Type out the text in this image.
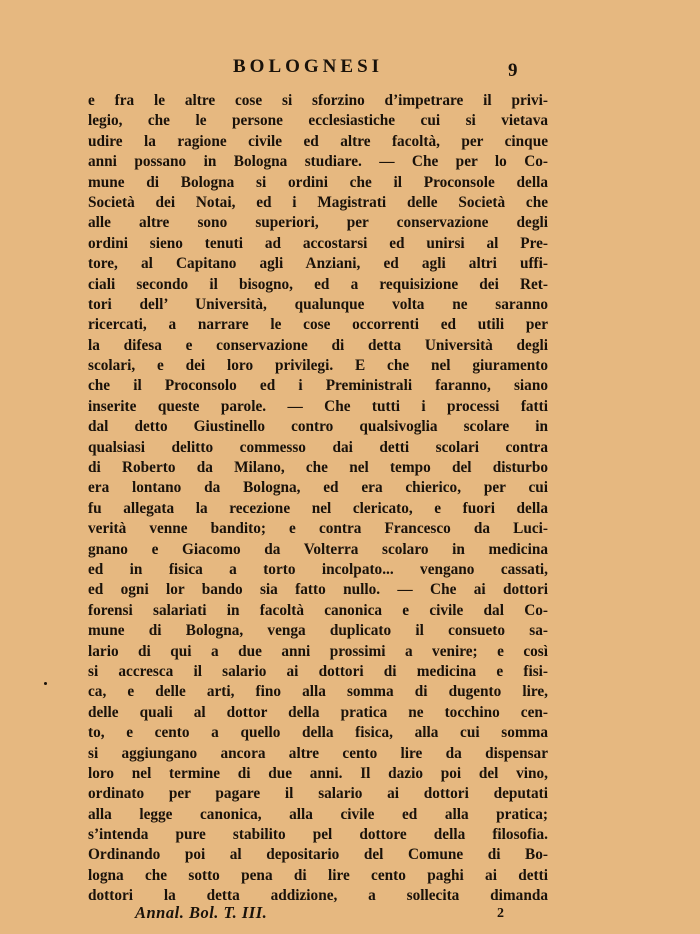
BOLOGNESI	9
e fra le altre cose si sforzino d’impetrare il privi-
legio, che le persone ecclesiastiche cui si vietava
udire la ragione civile ed altre facoltà, per cinque
anni possano in Bologna studiare. — Che per lo Co-
mune di Bologna si ordini che il Proconsole della
Società dei Notai, ed i Magistrati delle Società che
alle altre sono superiori, per conservazione degli
ordini sieno tenuti ad accostarsi ed unirsi al Pre-
tore, al Capitano agli Anziani, ed agli altri uffi-
ciali secondo il bisogno, ed a requisizione dei Ret-
tori dell’ Università, qualunque volta ne saranno
ricercati, a narrare le cose occorrenti ed utili per
la difesa e conservazione di detta Università degli
scolari, e dei loro privilegi. E che nel giuramento
che il Proconsolo ed i Preministrali faranno, siano
inserite queste parole. — Che tutti i processi fatti
dal detto Giustinello contro qualsivoglia scolare in
qualsiasi delitto commesso dai detti scolari contra
di Roberto da Milano, che nel tempo del disturbo
era lontano da Bologna, ed era chierico, per cui
fu allegata la recezione nel clericato, e fuori della
verità venne bandito; e contra Francesco da Luci-
gnano e Giacomo da Volterra scolaro in medicina
ed in fisica a torto incolpato... vengano cassati,
ed ogni lor bando sia fatto nullo. — Che ai dottori
forensi salariati in facoltà canonica e civile dal Co-
mune di Bologna, venga duplicato il consueto sa-
lario di qui a due anni prossimi a venire; e così
si accresca il salario ai dottori di medicina e fisi-
ca, e delle arti, fino alla somma di dugento lire,
delle quali al dottor della pratica ne tocchino cen-
to, e cento a quello della fisica, alla cui somma
si aggiungano ancora altre cento lire da dispensar
loro nel termine di due anni. Il dazio poi del vino,
ordinato per pagare il salario ai dottori deputati
alla legge canonica, alla civile ed alla pratica;
s’intenda pure stabilito pel dottore della filosofia.
Ordinando poi al depositario del Comune di Bo-
logna che sotto pena di lire cento paghi ai detti
dottori la detta addizione, a sollecita dimanda
Annal. Bol. T. III.	2
